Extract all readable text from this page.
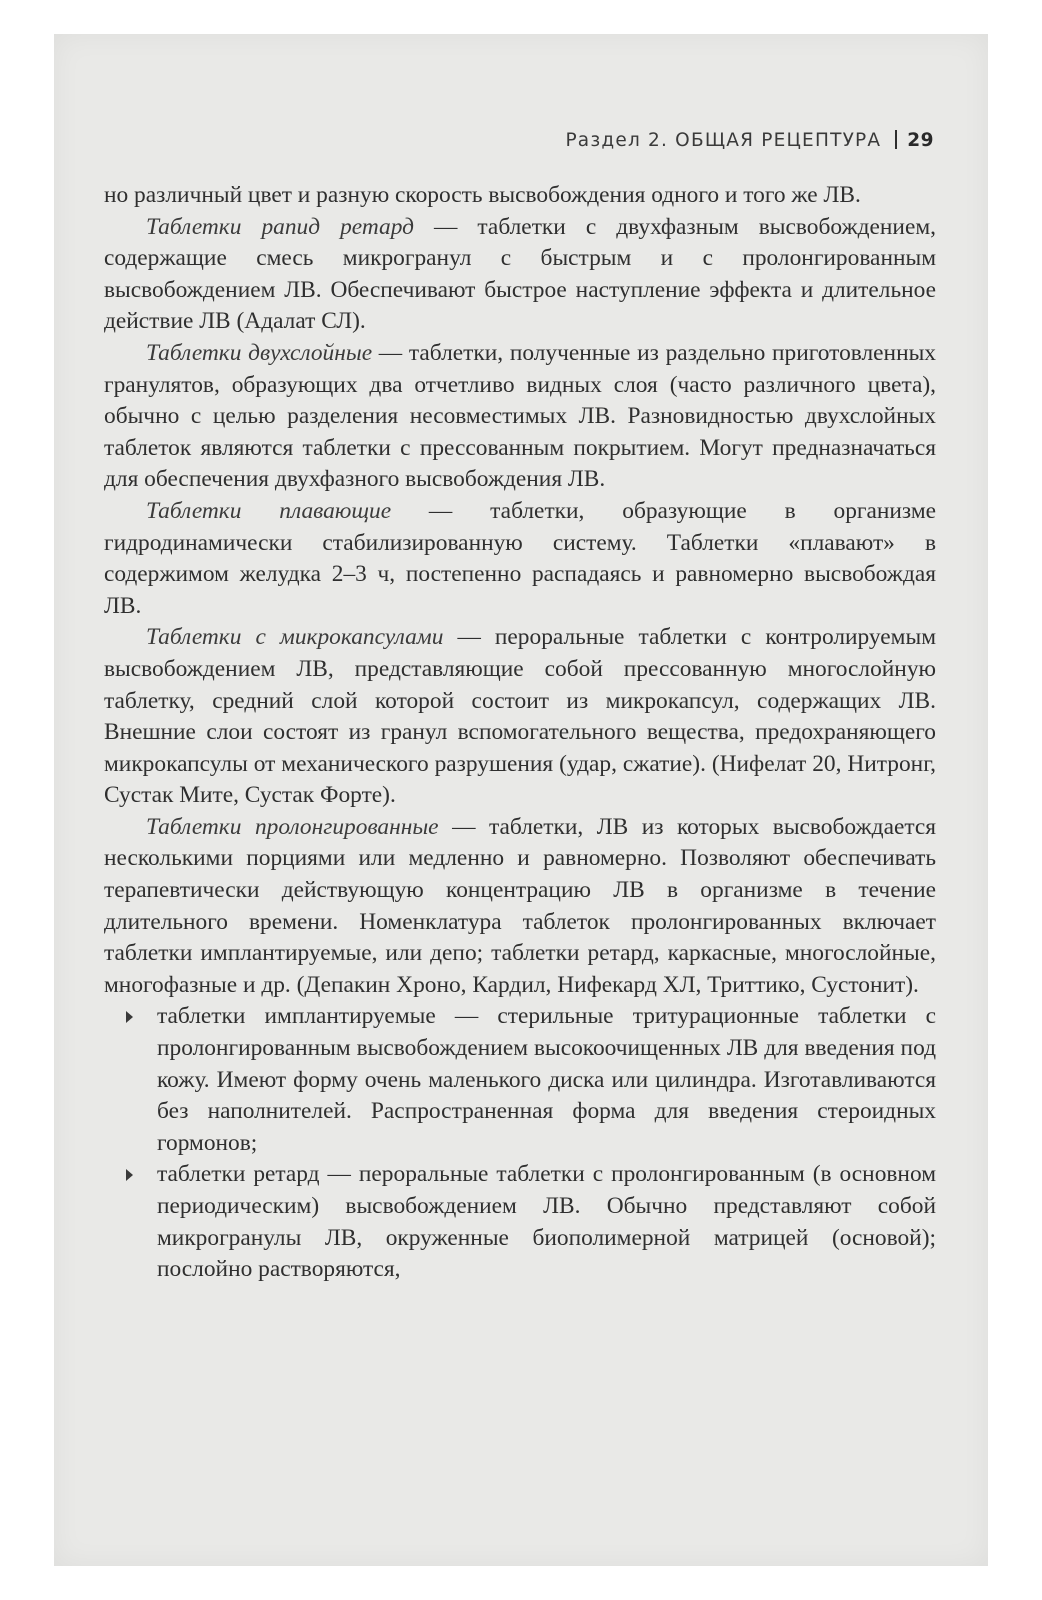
Раздел 2. ОБЩАЯ РЕЦЕПТУРА 29

но различный цвет и разную скорость высвобождения одного и того же ЛВ.

Таблетки рапид ретард — таблетки с двухфазным высвобождением, содержащие смесь микрогранул с быстрым и с пролонгированным высвобождением ЛВ. Обеспечивают быстрое наступление эффекта и длительное действие ЛВ (Адалат СЛ).

Таблетки двухслойные — таблетки, полученные из раздельно приготовленных гранулятов, образующих два отчетливо видных слоя (часто различного цвета), обычно с целью разделения несовместимых ЛВ. Разновидностью двухслойных таблеток являются таблетки с прессованным покрытием. Могут предназначаться для обеспечения двухфазного высвобождения ЛВ.

Таблетки плавающие — таблетки, образующие в организме гидродинамически стабилизированную систему. Таблетки «плавают» в содержимом желудка 2–3 ч, постепенно распадаясь и равномерно высвобождая ЛВ.

Таблетки с микрокапсулами — пероральные таблетки с контролируемым высвобождением ЛВ, представляющие собой прессованную многослойную таблетку, средний слой которой состоит из микрокапсул, содержащих ЛВ. Внешние слои состоят из гранул вспомогательного вещества, предохраняющего микрокапсулы от механического разрушения (удар, сжатие). (Нифелат 20, Нитронг, Сустак Мите, Сустак Форте).

Таблетки пролонгированные — таблетки, ЛВ из которых высвобождается несколькими порциями или медленно и равномерно. Позволяют обеспечивать терапевтически действующую концентрацию ЛВ в организме в течение длительного времени. Номенклатура таблеток пролонгированных включает таблетки имплантируемые, или депо; таблетки ретард, каркасные, многослойные, многофазные и др. (Депакин Хроно, Кардил, Нифекард ХЛ, Триттико, Сустонит).

таблетки имплантируемые — стерильные тритурационные таблетки с пролонгированным высвобождением высокоочищенных ЛВ для введения под кожу. Имеют форму очень маленького диска или цилиндра. Изготавливаются без наполнителей. Распространенная форма для введения стероидных гормонов;
таблетки ретард — пероральные таблетки с пролонгированным (в основном периодическим) высвобождением ЛВ. Обычно представляют собой микрогранулы ЛВ, окруженные биополимерной матрицей (основой); послойно растворяются,
